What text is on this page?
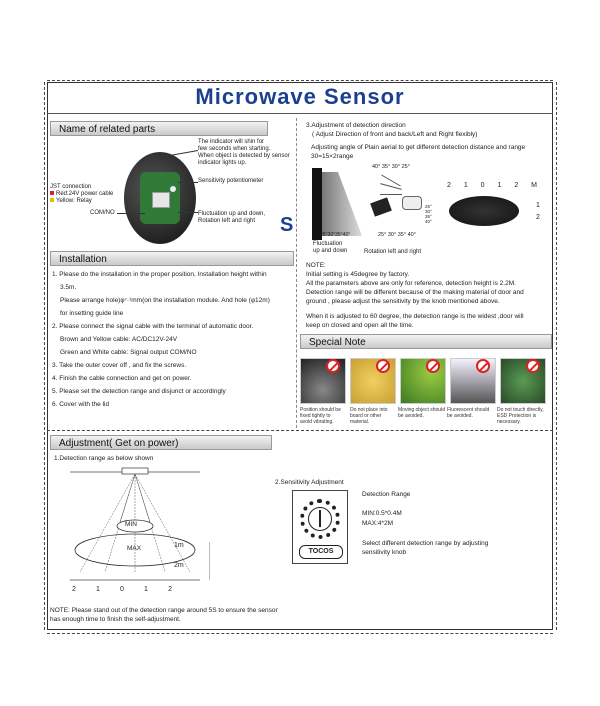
Microwave Sensor
Name of related parts
The indicator will shin for
few seconds when starting.
When object is detected by sensor
indicator lights up.
Sensitivity potentiometer
JST connection
Red:24V power cable
Yellow: Relay
COM/NO	Fluctuation up and down,
Rotation left and right	S
Installation
1. Please do the installation in the proper position, Installation height within
3.5m.
Please arrange hole)φ⁷·¹mm(on the installation module. And hole (φ12m)
for insetting guide line
2. Please connect the signal cable with the terminal of automatic door.
Brown and Yellow cable: AC/DC12V-24V
Green and White cable: Signal output COM/NO
3. Take the outer cover off , and fix the screws.
4. Finish the cable connection and get on power.
5. Please set the detection range and disjunct or accordingly
6. Cover with the lid
3.Adjustment of detection direction
( Adjust Direction of front and back/Left and Right flexibly)
Adjusting angle of Plain aerial to get different detection distance and range
30=15×2range
25°30°35°40°
Fluctuation
up and down
40° 35° 30° 25°
25° 30° 35° 40°
Rotation left and right
2 1 0 1 2 M
25°
30°
35°
40°
1
2
NOTE:
Initial setting is 45degree by factory.
All the parameters above are only for reference, detection height is 2.2M.
Detection range will be different because of the making material of door and
ground , please adjust the sensitivity by the knob mentioned above.
When it is adjusted to 60 degree, the detection range is the widest ,door will
keep on closed and open all the time.
Special Note
Position should be
fixed tightly to
avoid vibrating.
Do not place into
board or other
material.
Moving object should
be avoided.
Fluorescent should
be avoided.
Do not touch directly,
ESD Protection is
necessary.
Adjustment( Get on power)
1.Detection range as below shown
MIN
MAX	1m
2m
2	1	0	1	2
2.Sensitivity Adjustment
TOCOS
Detection Range
MIN:0.5*0.4M
MAX:4*2M
Select different detection range by adjusting
sensitivity knob
NOTE: Please stand out of the detection range around 5S to ensure the sensor
has enough time to finish the self-adjustment.
